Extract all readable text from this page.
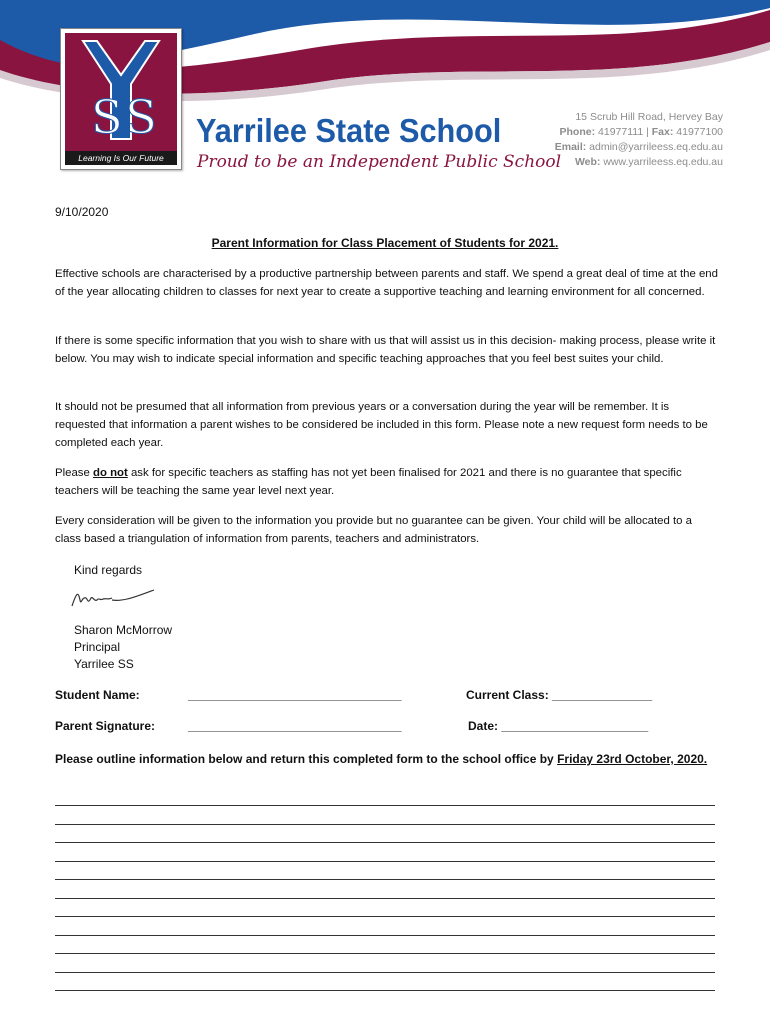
S S
Learning Is Our Future
Yarrilee State School
Proud to be an Independent Public School
15 Scrub Hill Road, Hervey Bay
Phone: 41977111 | Fax: 41977100
Email: admin@yarrileess.eq.edu.au
Web: www.yarrileess.eq.edu.au
9/10/2020
Parent Information for Class Placement of Students for 2021.
Effective schools are characterised by a productive partnership between parents and staff. We spend a great deal of time at the end of the year allocating children to classes for next year to create a supportive teaching and learning environment for all concerned.
If there is some specific information that you wish to share with us that will assist us in this decision- making process, please write it below. You may wish to indicate special information and specific teaching approaches that you feel best suites your child.
It should not be presumed that all information from previous years or a conversation during the year will be remember. It is requested that information a parent wishes to be considered be included in this form. Please note a new request form needs to be completed each year.
Please do not ask for specific teachers as staffing has not yet been finalised for 2021 and there is no guarantee that specific teachers will be teaching the same year level next year.
Every consideration will be given to the information you provide but no guarantee can be given. Your child will be allocated to a class based a triangulation of information from parents, teachers and administrators.
Kind regards
Sharon McMorrow
Principal
Yarrilee SS
Student Name:	________________________________	Current Class: _______________
Parent Signature:	________________________________	Date: ______________________
Please outline information below and return this completed form to the school office by Friday 23rd October, 2020.
